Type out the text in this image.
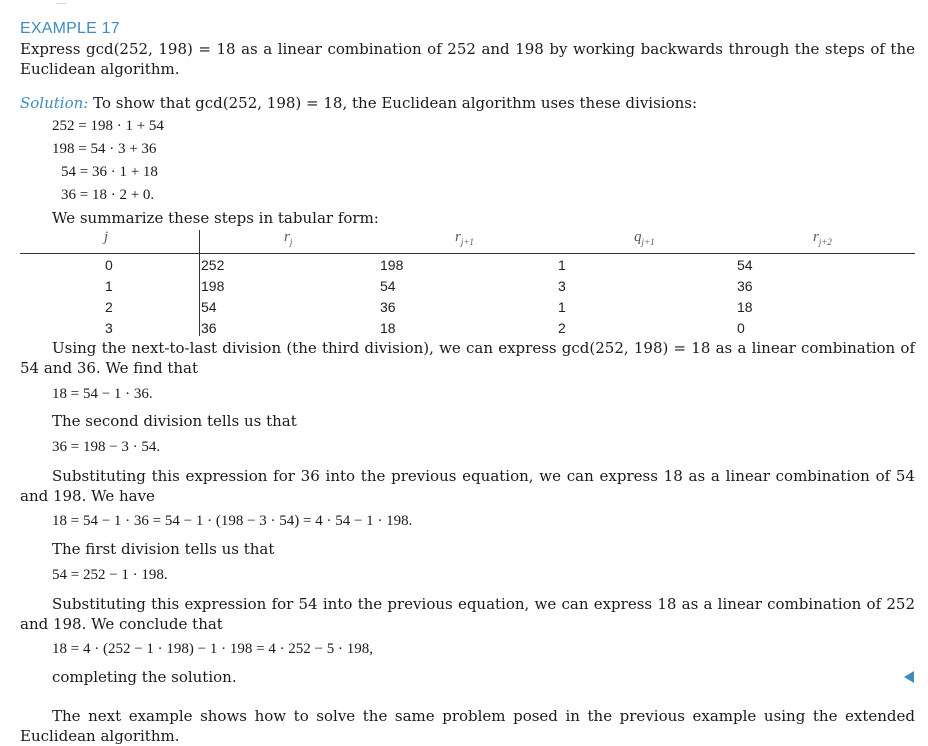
EXAMPLE 17
Express gcd(252, 198) = 18 as a linear combination of 252 and 198 by working backwards through the steps of the Euclidean algorithm.
Solution: To show that gcd(252, 198) = 18, the Euclidean algorithm uses these divisions:
252 = 198 · 1 + 54
198 = 54 · 3 + 36
54 = 36 · 1 + 18
36 = 18 · 2 + 0.
We summarize these steps in tabular form:
j	$r_j$	$r_{j+1}$	$q_{j+1}$	$r_{j+2}$
0	252	198	1	54
1	198	54	3	36
2	54	36	1	18
3	36	18	2	0
Using the next-to-last division (the third division), we can express gcd(252, 198) = 18 as a linear combination of 54 and 36. We find that
18 = 54 − 1 · 36.
The second division tells us that
36 = 198 − 3 · 54.
Substituting this expression for 36 into the previous equation, we can express 18 as a linear combination of 54 and 198. We have
18 = 54 − 1 · 36 = 54 − 1 · (198 − 3 · 54) = 4 · 54 − 1 · 198.
The first division tells us that
54 = 252 − 1 · 198.
Substituting this expression for 54 into the previous equation, we can express 18 as a linear combination of 252 and 198. We conclude that
18 = 4 · (252 − 1 · 198) − 1 · 198 = 4 · 252 − 5 · 198,
completing the solution.
The next example shows how to solve the same problem posed in the previous example using the extended Euclidean algorithm.
